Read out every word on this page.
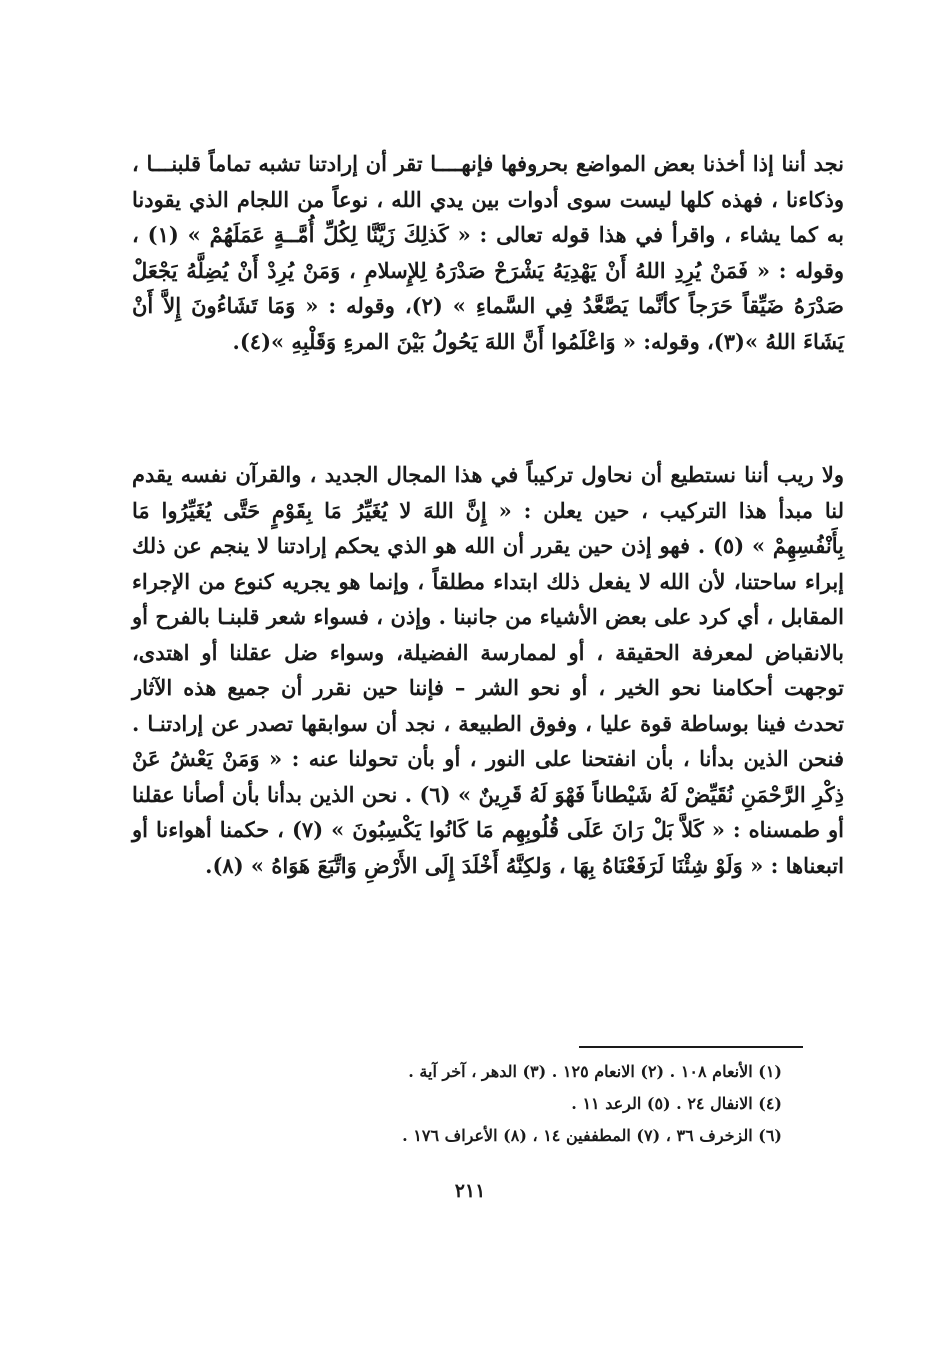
نجد أننا إذا أخذنا بعض المواضع بحروفها فإنهــــا تقر أن إرادتنا تشبه تماماً قلبنـــا ، وذكاءنا ، فهذه كلها ليست سوى أدوات بين يدي الله ، نوعاً من اللجام الذي يقودنا به كما يشاء ، واقرأ في هذا قوله تعالى : « كَذلِكَ زَيَّنَّا لِكُلِّ أُمَّــةٍ عَمَلَهُمْ » (١) ، وقوله : « فَمَنْ يُرِدِ اللهُ أَنْ يَهْدِيَهُ يَشْرَحْ صَدْرَهُ لِلإِسلامِ ، وَمَنْ يُرِدْ أَنْ يُضِلَّهُ يَجْعَلْ صَدْرَهُ ضَيِّقاً حَرَجاً كأنَّما يَصَّعَّدُ فِي السَّماءِ » (٢)، وقوله : « وَمَا تَشَاءُونَ إِلاَّ أَنْ يَشَاءَ اللهُ »(٣)، وقوله: « وَاعْلَمُوا أَنَّ اللهَ يَحُولُ بَيْنَ المرءِ وَقَلْبِهِ »(٤).

ولا ريب أننا نستطيع أن نحاول تركيباً في هذا المجال الجديد ، والقرآن نفسه يقدم لنا مبدأ هذا التركيب ، حين يعلن : « إِنَّ اللهَ لا يُغَيِّرُ مَا بِقَوْمٍ حَتَّى يُغَيِّرُوا مَا بِأَنْفُسِهِمْ » (٥) . فهو إذن حين يقرر أن الله هو الذي يحكم إرادتنا لا ينجم عن ذلك إبراء ساحتنا، لأن الله لا يفعل ذلك ابتداء مطلقاً ، وإنما هو يجريه كنوع من الإجراء المقابل ، أي كرد على بعض الأشياء من جانبنا . وإذن ، فسواء شعر قلبنـا بالفرح أو بالانقباض لمعرفة الحقيقة ، أو لممارسة الفضيلة، وسواء ضل عقلنا أو اهتدى، توجهت أحكامنا نحو الخير ، أو نحو الشر – فإننا حين نقرر أن جميع هذه الآثار تحدث فينا بوساطة قوة عليا ، وفوق الطبيعة ، نجد أن سوابقها تصدر عن إرادتنـا . فنحن الذين بدأنا ، بأن انفتحنا على النور ، أو بأن تحولنا عنه : « وَمَنْ يَعْشُ عَنْ ذِكْرِ الرَّحْمَنِ نُقَيِّضْ لَهُ شَيْطاناً فَهْوَ لَهُ قَرِينٌ » (٦) . نحن الذين بدأنا بأن أصأنا عقلنا أو طمسناه : « كَلاَّ بَلْ رَانَ عَلَى قُلُوبِهِم مَا كَانُوا يَكْسِبُونَ » (٧) ، حكمنا أهواءنا أو اتبعناها : « وَلَوْ شِئْنَا لَرَفَعْنَاهُ بِهَا ، وَلكِنَّهُ أَخْلَدَ إِلَى الأَرْضِ وَاتَّبَعَ هَوَاهُ » (٨).

(١) الأنعام ١٠٨ . (٢) الانعام ١٢٥ . (٣) الدهر ، آخر آية .
(٤) الانفال ٢٤ . (٥) الرعد ١١ .
(٦) الزخرف ٣٦ ، (٧) المطففين ١٤ ، (٨) الأعراف ١٧٦ .
٢١١
